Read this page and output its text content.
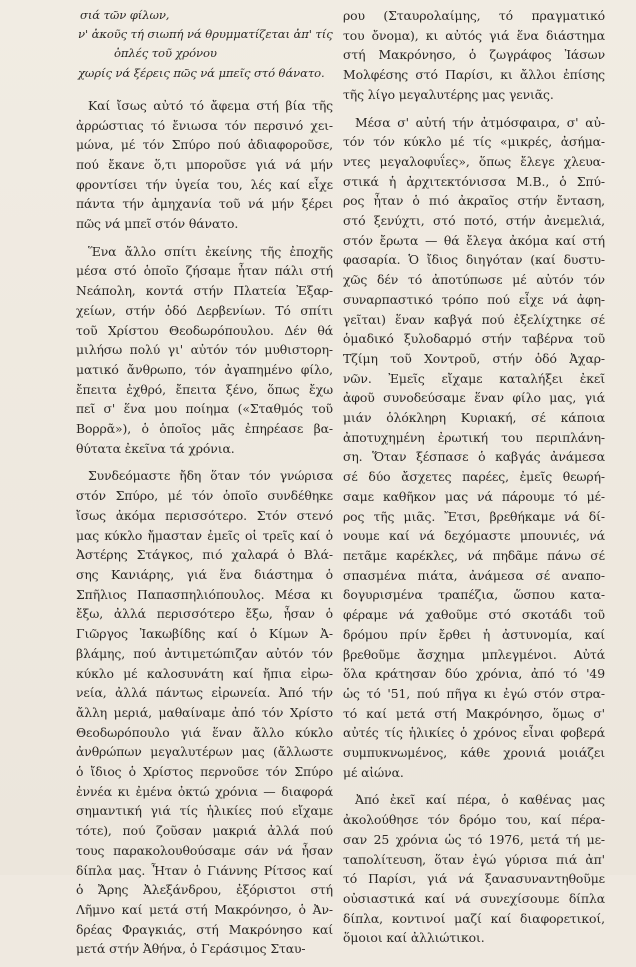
σιά τῶν φίλων,
ν' ἀκοῦς τή σιωπή νά θρυμματίζεται ἀπ' τίς
ὀπλές τοῦ χρόνου
χωρίς νά ξέρεις πῶς νά μπεῖς στό θάνατο.
Καί ἴσως αὐτό τό ἄφεμα στή βία τῆς
ἀρρώστιας τό ἔνιωσα τόν περσινό χει-
μώνα, μέ τόν Σπύρο πού ἀδιαφοροῦσε,
πού ἔκανε ὅ,τι μποροῦσε γιά νά μήν
φροντίσει τήν ὑγεία του, λές καί εἶχε
πάντα τήν ἀμηχανία τοῦ νά μήν ξέρει
πῶς νά μπεῖ στόν θάνατο.
Ἕνα ἄλλο σπίτι ἐκείνης τῆς ἐποχῆς
μέσα στό ὁποῖο ζήσαμε ἦταν πάλι στή
Νεάπολη, κοντά στήν Πλατεία Ἐξαρ-
χείων, στήν ὁδό Δερβενίων. Τό σπίτι
τοῦ Χρίστου Θεοδωρόπουλου. Δέν θά
μιλήσω πολύ γι' αὐτόν τόν μυθιστορη-
ματικό ἄνθρωπο, τόν ἀγαπημένο φίλο,
ἔπειτα ἐχθρό, ἔπειτα ξένο, ὅπως ἔχω
πεῖ σ' ἕνα μου ποίημα («Σταθμός τοῦ
Βορρᾶ»), ὁ ὁποῖος μᾶς ἐπηρέασε βα-
θύτατα ἐκεῖνα τά χρόνια.
Συνδεόμαστε ἤδη ὅταν τόν γνώρισα
στόν Σπύρο, μέ τόν ὁποῖο συνδέθηκε
ἴσως ἀκόμα περισσότερο. Στόν στενό
μας κύκλο ἤμασταν ἐμεῖς οἱ τρεῖς καί ὁ
Ἀστέρης Στάγκος, πιό χαλαρά ὁ Βλά-
σης Κανιάρης, γιά ἕνα διάστημα ὁ
Σπῆλιος Παπασπηλιόπουλος. Μέσα κι
ἔξω, ἀλλά περισσότερο ἔξω, ἦσαν ὁ
Γιῶργος Ἰακωβίδης καί ὁ Κίμων Ἀ-
βλάμης, πού ἀντιμετώπιζαν αὐτόν τόν
κύκλο μέ καλοσυνάτη καί ἤπια εἰρω-
νεία, ἀλλά πάντως εἰρωνεία. Ἀπό τήν
ἄλλη μεριά, μαθαίναμε ἀπό τόν Χρίστο
Θεοδωρόπουλο γιά ἕναν ἄλλο κύκλο
ἀνθρώπων μεγαλυτέρων μας (ἄλλωστε
ὁ ἴδιος ὁ Χρίστος περνοῦσε τόν Σπύρο
ἐννέα κι ἐμένα ὀκτώ χρόνια — διαφορά
σημαντική γιά τίς ἡλικίες πού εἴχαμε
τότε), πού ζοῦσαν μακριά ἀλλά πού
τους παρακολουθούσαμε σάν νά ἦσαν
δίπλα μας. Ἦταν ὁ Γιάννης Ρίτσος καί
ὁ Ἄρης Ἀλεξάνδρου, ἐξόριστοι στή
Λῆμνο καί μετά στή Μακρόνησο, ὁ Ἀν-
δρέας Φραγκιάς, στή Μακρόνησο καί
μετά στήν Ἀθήνα, ὁ Γεράσιμος Σταυ-
ρου (Σταυρολαίμης, τό πραγματικό
του ὄνομα), κι αὐτός γιά ἕνα διάστημα
στή Μακρόνησο, ὁ ζωγράφος Ἰάσων
Μολφέσης στό Παρίσι, κι ἄλλοι ἐπίσης
τῆς λίγο μεγαλυτέρης μας γενιᾶς.
Μέσα σ' αὐτή τήν ἀτμόσφαιρα, σ' αὐ-
τόν τόν κύκλο μέ τίς «μικρές, ἀσήμα-
ντες μεγαλοφυΐες», ὅπως ἔλεγε χλευα-
στικά ἡ ἀρχιτεκτόνισσα Μ.Β., ὁ Σπύ-
ρος ἦταν ὁ πιό ἀκραῖος στήν ἔνταση,
στό ξενύχτι, στό ποτό, στήν ἀνεμελιά,
στόν ἔρωτα — θά ἔλεγα ἀκόμα καί στή
φασαρία. Ὁ ἴδιος διηγόταν (καί δυστυ-
χῶς δέν τό ἀποτύπωσε μέ αὐτόν τόν
συναρπαστικό τρόπο πού εἶχε νά ἀφη-
γεῖται) ἕναν καβγά πού ἐξελίχτηκε σέ
ὁμαδικό ξυλοδαρμό στήν ταβέρνα τοῦ
Τζίμη τοῦ Χοντροῦ, στήν ὁδό Ἀχαρ-
νῶν. Ἐμεῖς εἴχαμε καταλήξει ἐκεῖ
ἀφοῦ συνοδεύσαμε ἕναν φίλο μας, γιά
μιάν ὁλόκληρη Κυριακή, σέ κάποια
ἀποτυχημένη ἐρωτική του περιπλάνη-
ση. Ὅταν ξέσπασε ὁ καβγάς ἀνάμεσα
σέ δύο ἄσχετες παρέες, ἐμεῖς θεωρή-
σαμε καθῆκον μας νά πάρουμε τό μέ-
ρος τῆς μιᾶς. Ἔτσι, βρεθήκαμε νά δί-
νουμε καί νά δεχόμαστε μπουνιές, νά
πετᾶμε καρέκλες, νά πηδᾶμε πάνω σέ
σπασμένα πιάτα, ἀνάμεσα σέ αναπο-
δογυρισμένα τραπέζια, ὥσπου κατα-
φέραμε νά χαθοῦμε στό σκοτάδι τοῦ
δρόμου πρίν ἔρθει ἡ ἀστυνομία, καί
βρεθοῦμε ἄσχημα μπλεγμένοι. Αὐτά
ὅλα κράτησαν δύο χρόνια, ἀπό τό '49
ὡς τό '51, πού πῆγα κι ἐγώ στόν στρα-
τό καί μετά στή Μακρόνησο, ὅμως σ'
αὐτές τίς ἡλικίες ὁ χρόνος εἶναι φοβερά
συμπυκνωμένος, κάθε χρονιά μοιάζει
μέ αἰώνα.
Ἀπό ἐκεῖ καί πέρα, ὁ καθένας μας
ἀκολούθησε τόν δρόμο του, καί πέρα-
σαν 25 χρόνια ὡς τό 1976, μετά τή με-
ταπολίτευση, ὅταν ἐγώ γύρισα πιά ἀπ'
τό Παρίσι, γιά νά ξανασυναντηθοῦμε
οὐσιαστικά καί νά συνεχίσουμε δίπλα
δίπλα, κοντινοί μαζί καί διαφορετικοί,
ὅμοιοι καί ἀλλιώτικοι.
